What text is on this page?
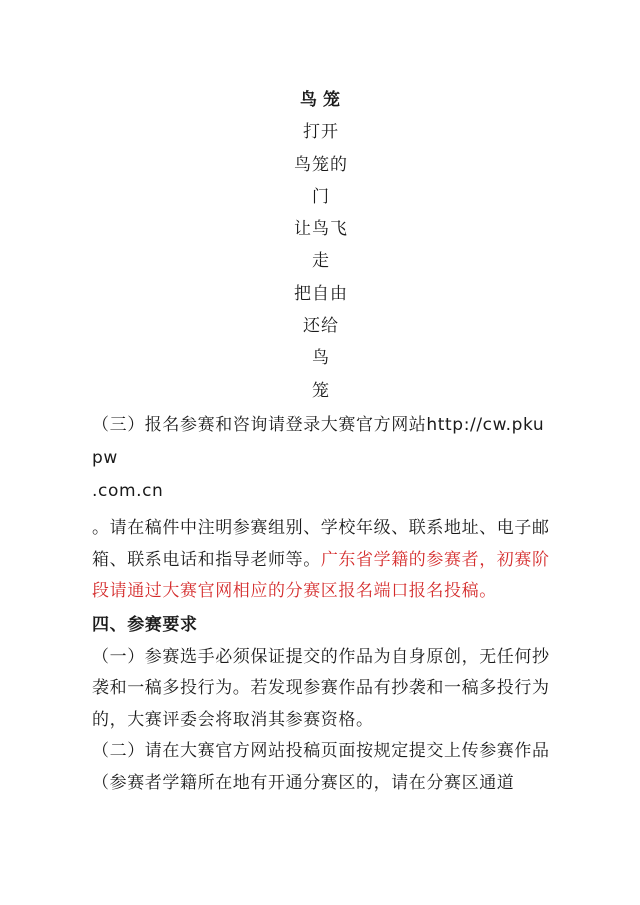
鸟笼
打开
鸟笼的
门
让鸟飞
走
把自由
还给
鸟
笼
（三）报名参赛和咨询请登录大赛官方网站http://cw.pkupw
.com.cn
。请在稿件中注明参赛组别、学校年级、联系地址、电子邮箱、联系电话和指导老师等。广东省学籍的参赛者，初赛阶段请通过大赛官网相应的分赛区报名端口报名投稿。
四、参赛要求
（一）参赛选手必须保证提交的作品为自身原创，无任何抄袭和一稿多投行为。若发现参赛作品有抄袭和一稿多投行为的，大赛评委会将取消其参赛资格。
（二）请在大赛官方网站投稿页面按规定提交上传参赛作品（参赛者学籍所在地有开通分赛区的，请在分赛区通道
